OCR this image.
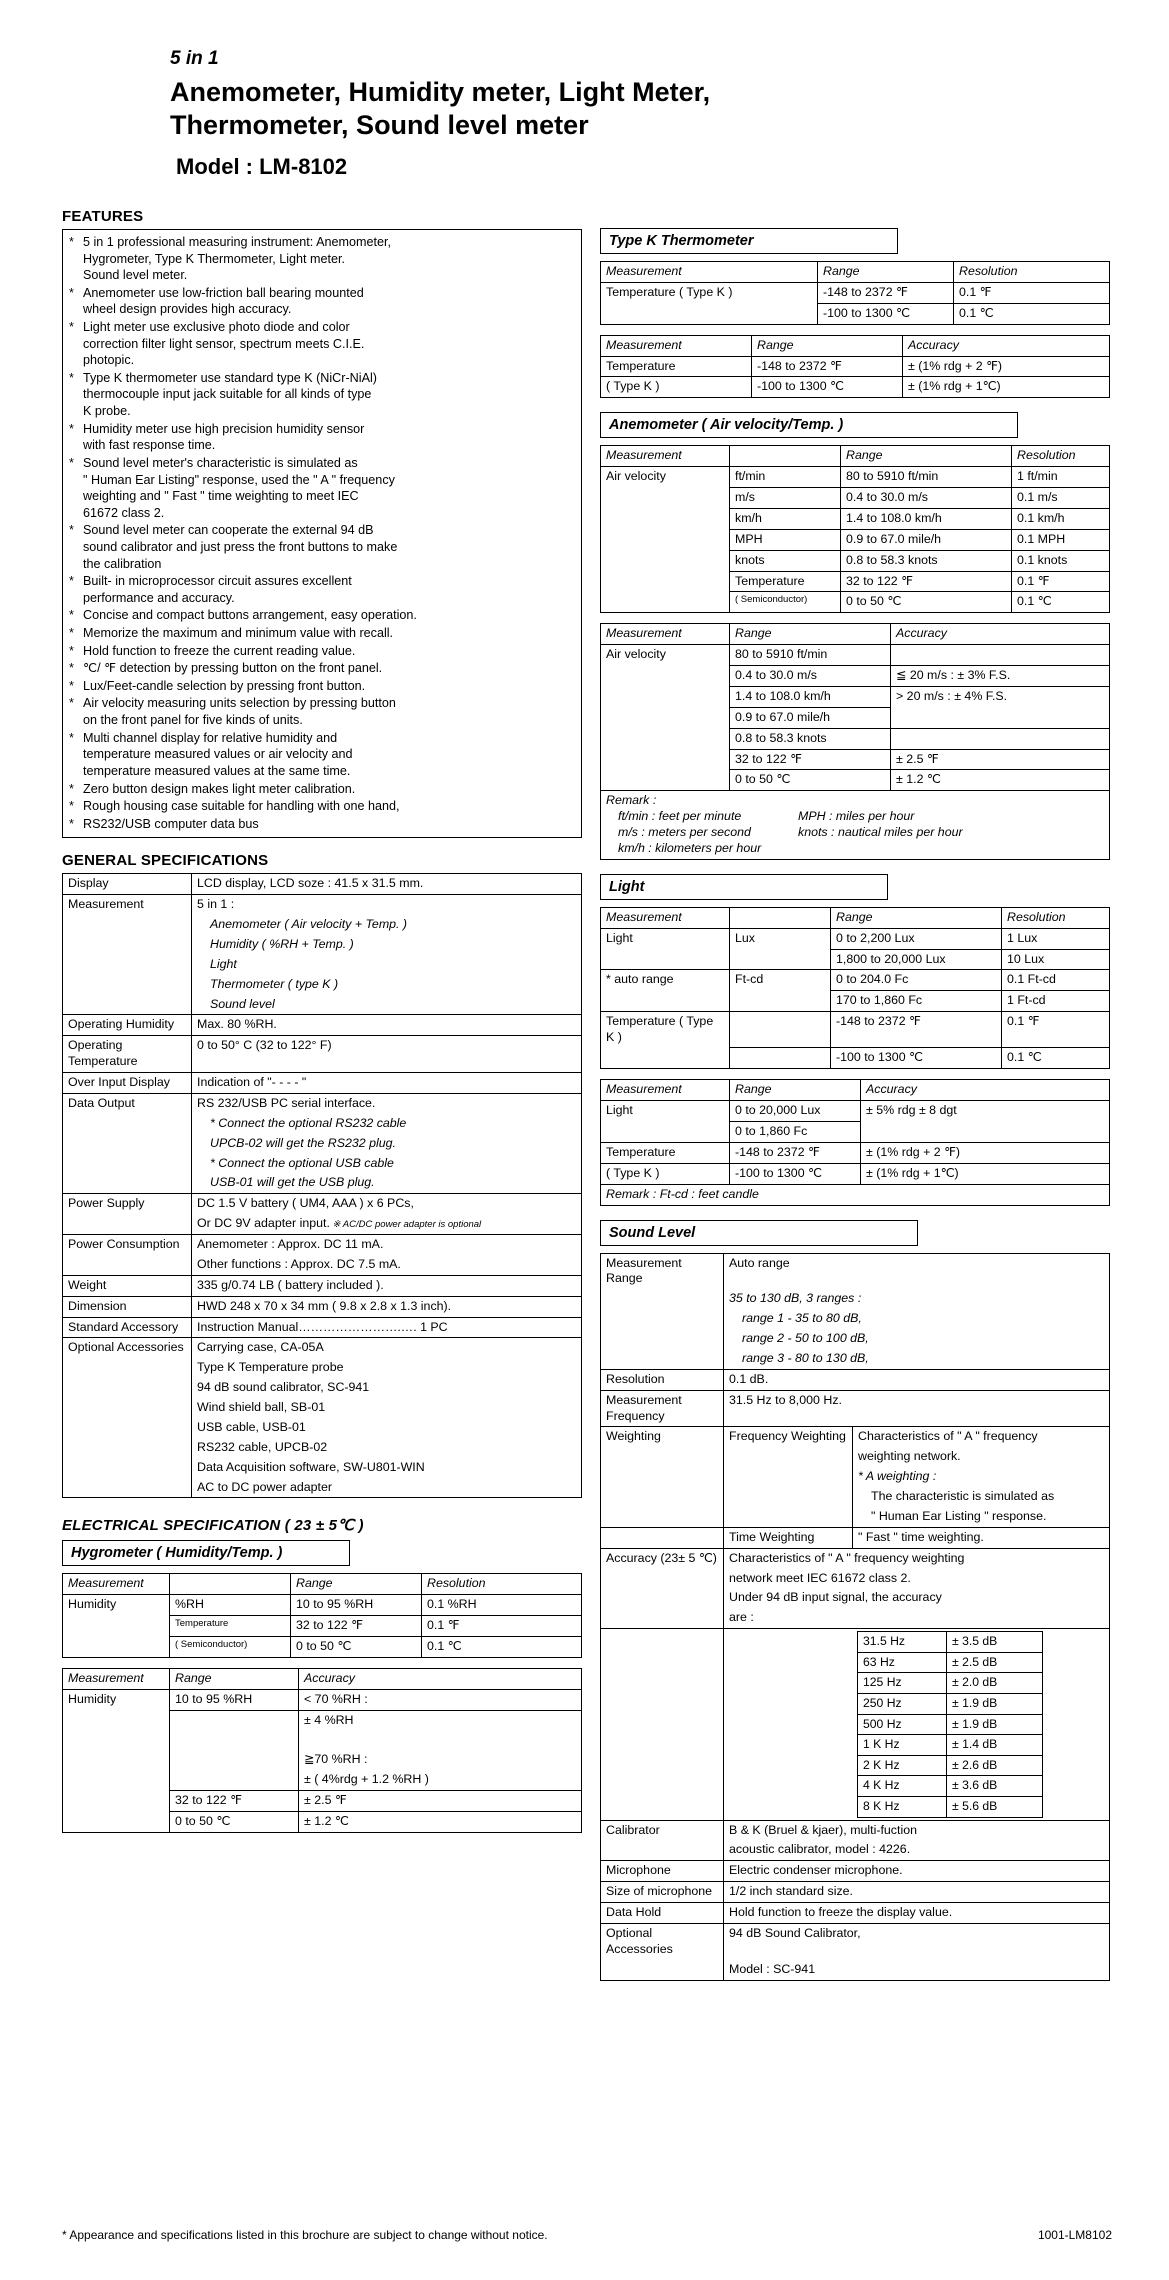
5 in 1
Anemometer, Humidity meter, Light Meter,
Thermometer, Sound level meter
Model : LM-8102
FEATURES
* 5 in 1 professional measuring instrument: Anemometer,
Hygrometer, Type K Thermometer, Light meter.
Sound level meter.
* Anemometer use low-friction ball bearing mounted
wheel design provides high accuracy.
* Light meter use exclusive photo diode and color
correction filter light sensor, spectrum meets C.I.E.
photopic.
* Type K thermometer use standard type K (NiCr-NiAl)
thermocouple input jack suitable for all kinds of type
K probe.
* Humidity meter use high precision humidity sensor
with fast response time.
* Sound level meter's characteristic is simulated as
" Human Ear Listing" response, used the " A " frequency
weighting and " Fast " time weighting to meet IEC
61672 class 2.
* Sound level meter can cooperate the external 94 dB
sound calibrator and just press the front buttons to make
the calibration
* Built- in microprocessor circuit assures excellent
performance and accuracy.
* Concise and compact buttons arrangement, easy operation.
* Memorize the maximum and minimum value with recall.
* Hold function to freeze the current reading value.
* ℃/ ℉ detection by pressing button on the front panel.
* Lux/Feet-candle selection by pressing front button.
* Air velocity measuring units selection by pressing button
on the front panel for five kinds of units.
* Multi channel display for relative humidity and
temperature measured values or air velocity and
temperature measured values at the same time.
* Zero button design makes light meter calibration.
* Rough housing case suitable for handling with one hand,
* RS232/USB computer data bus
GENERAL SPECIFICATIONS
Display	LCD display, LCD soze : 41.5 x 31.5 mm.
Measurement	5 in 1 :
	Anemometer ( Air velocity + Temp. )
	Humidity ( %RH + Temp. )
	Light
	Thermometer ( type K )
	Sound level
Operating Humidity	Max. 80 %RH.
Operating Temperature	0 to 50° C (32 to 122° F)
Over Input Display	Indication of "- - - - "
Data Output	RS 232/USB PC serial interface.
	* Connect the optional RS232 cable
	UPCB-02 will get the RS232 plug.
	* Connect the optional USB cable
	USB-01 will get the USB plug.
Power Supply	DC 1.5 V battery ( UM4, AAA ) x 6 PCs,
	Or DC 9V adapter input. ※ AC/DC power adapter is optional
Power Consumption	Anemometer : Approx. DC 11 mA.
	Other functions : Approx. DC 7.5 mA.
Weight	335 g/0.74 LB ( battery included ).
Dimension	HWD 248 x 70 x 34 mm ( 9.8 x 2.8 x 1.3 inch).
Standard Accessory	Instruction Manual…………………….…. 1 PC
Optional Accessories	Carrying case, CA-05A
	Type K Temperature probe
	94 dB sound calibrator, SC-941
	Wind shield ball, SB-01
	USB cable, USB-01
	RS232 cable, UPCB-02
	Data Acquisition software, SW-U801-WIN
	AC to DC power adapter
ELECTRICAL SPECIFICATION ( 23 ± 5℃ )
Hygrometer ( Humidity/Temp. )
Measurement		Range	Resolution
Humidity	%RH	10 to 95 %RH	0.1 %RH
	Temperature	32 to 122 ℉	0.1 ℉
	( Semiconductor)	0 to 50 ℃	0.1 ℃
Measurement	Range	Accuracy
Humidity	10 to 95 %RH	< 70 %RH :
		± 4 %RH

		≧70 %RH :
		± ( 4%rdg + 1.2 %RH )
	32 to 122 ℉	± 2.5 ℉
	0 to 50 ℃	± 1.2 ℃
Type K Thermometer
Measurement	Range	Resolution
Temperature ( Type K )	-148 to 2372 ℉	0.1 ℉
	-100 to 1300 ℃	0.1 ℃
Measurement	Range	Accuracy
Temperature	-148 to 2372 ℉	± (1% rdg + 2 ℉)
( Type K )	-100 to 1300 ℃	± (1% rdg + 1℃)
Anemometer ( Air velocity/Temp. )
Measurement		Range	Resolution
Air velocity	ft/min	80 to 5910 ft/min	1 ft/min
	m/s	0.4 to 30.0 m/s	0.1 m/s
	km/h	1.4 to 108.0 km/h	0.1 km/h
	MPH	0.9 to 67.0 mile/h	0.1 MPH
	knots	0.8 to 58.3 knots	0.1 knots
	Temperature	32 to 122 ℉	0.1 ℉
	( Semiconductor)	0 to 50 ℃	0.1 ℃
Measurement	Range	Accuracy
Air velocity	80 to 5910 ft/min	
	0.4 to 30.0 m/s	≦ 20 m/s : ± 3% F.S.
	1.4 to 108.0 km/h	> 20 m/s : ± 4% F.S.
	0.9 to 67.0 mile/h	
	0.8 to 58.3 knots	
	32 to 122 ℉	± 2.5 ℉
	0 to 50 ℃	± 1.2 ℃

Remark :
ft/min : feet per minute	MPH : miles per hour
m/s : meters per second	knots : nautical miles per hour
km/h : kilometers per hour	
Light
Measurement		Range	Resolution
Light	Lux	0 to 2,200 Lux	1 Lux
		1,800 to 20,000 Lux	10 Lux
* auto range	Ft-cd	0 to 204.0 Fc	0.1 Ft-cd
		170 to 1,860 Fc	1 Ft-cd
Temperature ( Type K )		-148 to 2372 ℉	0.1 ℉
		-100 to 1300 ℃	0.1 ℃
Measurement	Range	Accuracy
Light	0 to 20,000 Lux	± 5% rdg ± 8 dgt
	0 to 1,860 Fc	
Temperature	-148 to 2372 ℉	± (1% rdg + 2 ℉)
( Type K )	-100 to 1300 ℃	± (1% rdg + 1℃)
Remark : Ft-cd : feet candle		
Sound Level
Measurement Range	Auto range
	35 to 130 dB, 3 ranges :
	range 1 - 35 to 80 dB,
	range 2 - 50 to 100 dB,
	range 3 - 80 to 130 dB,
Resolution	0.1 dB.
Measurement Frequency	31.5 Hz to 8,000 Hz.
Weighting	Frequency Weighting	Characteristics of " A " frequency
		weighting network.
		* A weighting :
		The characteristic is simulated as
		" Human Ear Listing " response.
	Time Weighting	" Fast " time weighting.
Accuracy (23± 5 ℃)	Characteristics of " A " frequency weighting
	network meet IEC 61672 class 2.
	Under 94 dB input signal, the accuracy
	are :

31.5 Hz	± 3.5 dB
63 Hz	± 2.5 dB
125 Hz	± 2.0 dB
250 Hz	± 1.9 dB
500 Hz	± 1.9 dB
1 K Hz	± 1.4 dB
2 K Hz	± 2.6 dB
4 K Hz	± 3.6 dB
8 K Hz	± 5.6 dB

Calibrator	B & K (Bruel & kjaer), multi-fuction
	acoustic calibrator, model : 4226.
Microphone	Electric condenser microphone.
Size of microphone	1/2 inch standard size.
Data Hold	Hold function to freeze the display value.
Optional Accessories	94 dB Sound Calibrator,
	Model : SC-941
* Appearance and specifications listed in this brochure are subject to change without notice.	1001-LM8102
